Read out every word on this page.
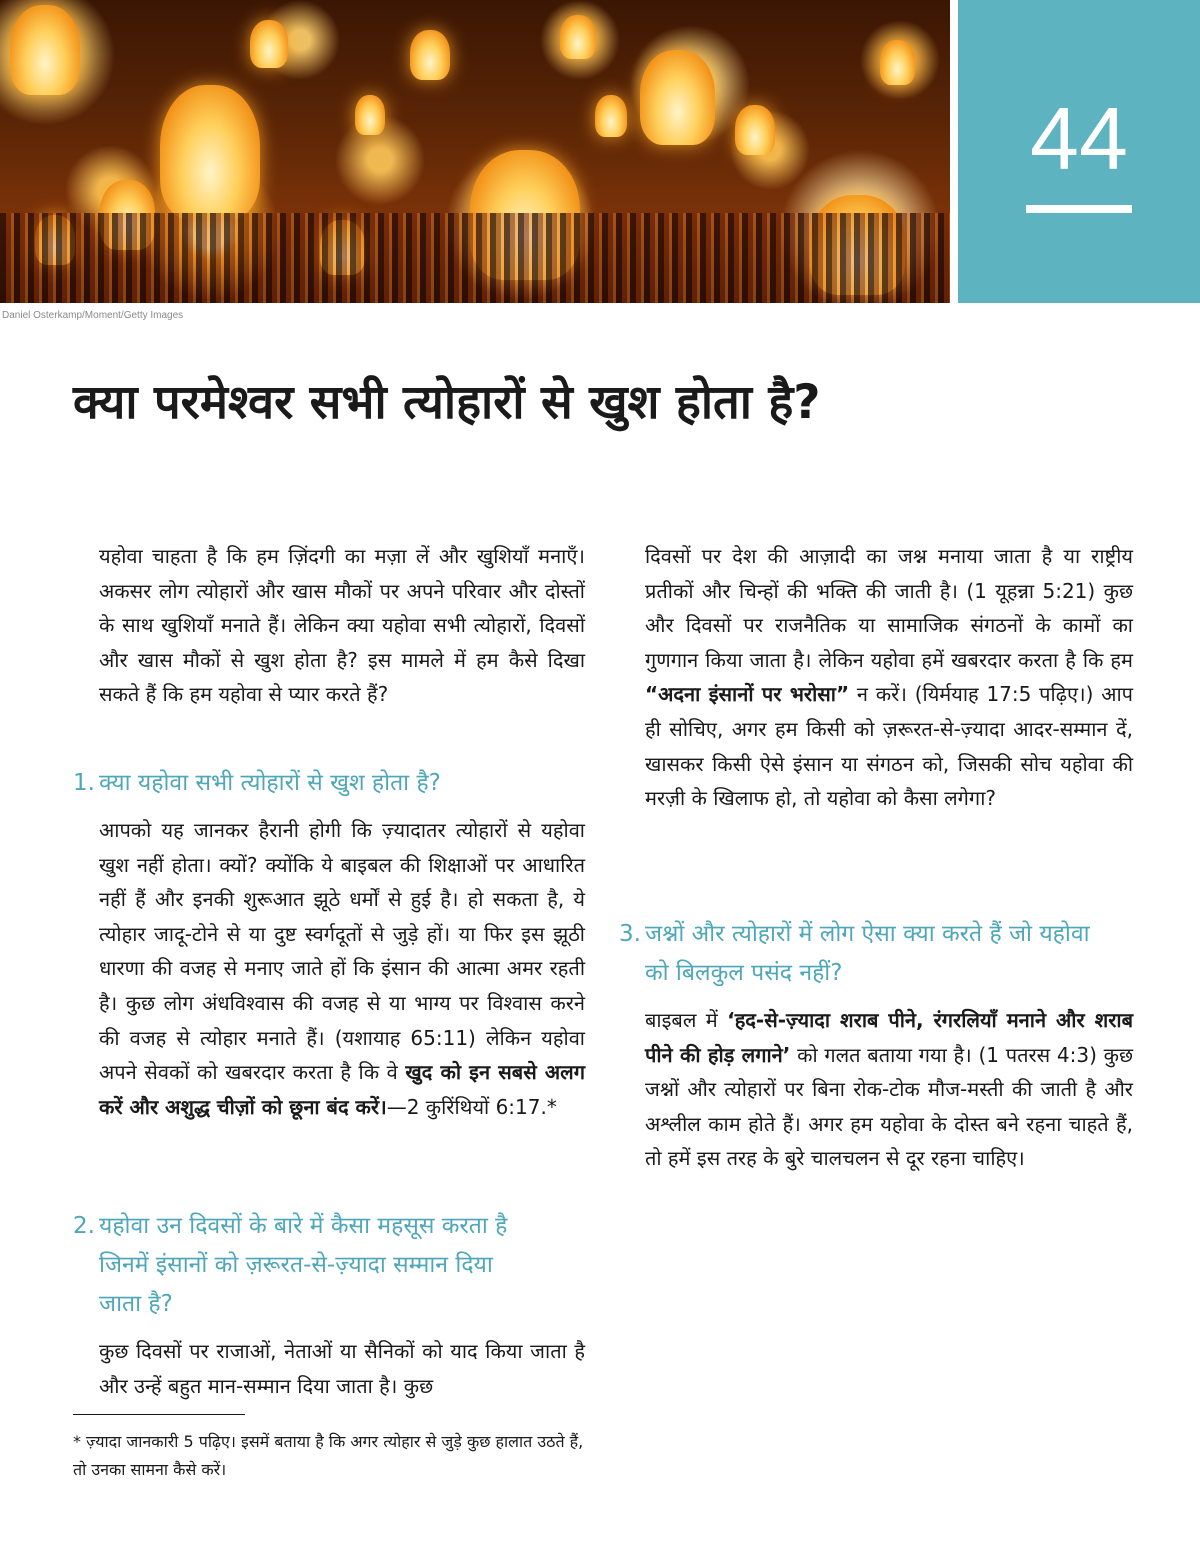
Daniel Osterkamp/Moment/Getty Images
44
क्या परमेश्वर सभी त्योहारों से खुश होता है?

यहोवा चाहता है कि हम ज़िंदगी का मज़ा लें और खुशियाँ मनाएँ। अकसर लोग त्योहारों और खास मौकों पर अपने परिवार और दोस्तों के साथ खुशियाँ मनाते हैं। लेकिन क्या यहोवा सभी त्योहारों, दिवसों और खास मौकों से खुश होता है? इस मामले में हम कैसे दिखा सकते हैं कि हम यहोवा से प्यार करते हैं?

1. क्या यहोवा सभी त्योहारों से खुश होता है?

आपको यह जानकर हैरानी होगी कि ज़्यादातर त्योहारों से यहोवा खुश नहीं होता। क्यों? क्योंकि ये बाइबल की शिक्षाओं पर आधारित नहीं हैं और इनकी शुरूआत झूठे धर्मों से हुई है। हो सकता है, ये त्योहार जादू-टोने से या दुष्ट स्वर्गदूतों से जुड़े हों। या फिर इस झूठी धारणा की वजह से मनाए जाते हों कि इंसान की आत्मा अमर रहती है। कुछ लोग अंधविश्वास की वजह से या भाग्य पर विश्वास करने की वजह से त्योहार मनाते हैं। (यशायाह 65:11) लेकिन यहोवा अपने सेवकों को खबरदार करता है कि वे खुद को इन सबसे अलग करें और अशुद्ध चीज़ों को छूना बंद करें।—2 कुरिंथियों 6:17.*

2. यहोवा उन दिवसों के बारे में कैसा महसूस करता है जिनमें इंसानों को ज़रूरत-से-ज़्यादा सम्मान दिया जाता है?

कुछ दिवसों पर राजाओं, नेताओं या सैनिकों को याद किया जाता है और उन्हें बहुत मान-सम्मान दिया जाता है। कुछ

* ज़्यादा जानकारी 5 पढ़िए। इसमें बताया है कि अगर त्योहार से जुड़े कुछ हालात उठते हैं, तो उनका सामना कैसे करें।

दिवसों पर देश की आज़ादी का जश्न मनाया जाता है या राष्ट्रीय प्रतीकों और चिन्हों की भक्ति की जाती है। (1 यूहन्ना 5:21) कुछ और दिवसों पर राजनैतिक या सामाजिक संगठनों के कामों का गुणगान किया जाता है। लेकिन यहोवा हमें खबरदार करता है कि हम “अदना इंसानों पर भरोसा” न करें। (यिर्मयाह 17:5 पढ़िए।) आप ही सोचिए, अगर हम किसी को ज़रूरत-से-ज़्यादा आदर-सम्मान दें, खासकर किसी ऐसे इंसान या संगठन को, जिसकी सोच यहोवा की मरज़ी के खिलाफ हो, तो यहोवा को कैसा लगेगा?

3. जश्नों और त्योहारों में लोग ऐसा क्या करते हैं जो यहोवा को बिलकुल पसंद नहीं?

बाइबल में ‘हद-से-ज़्यादा शराब पीने, रंगरलियाँ मनाने और शराब पीने की होड़ लगाने’ को गलत बताया गया है। (1 पतरस 4:3) कुछ जश्नों और त्योहारों पर बिना रोक-टोक मौज-मस्ती की जाती है और अश्लील काम होते हैं। अगर हम यहोवा के दोस्त बने रहना चाहते हैं, तो हमें इस तरह के बुरे चालचलन से दूर रहना चाहिए।
